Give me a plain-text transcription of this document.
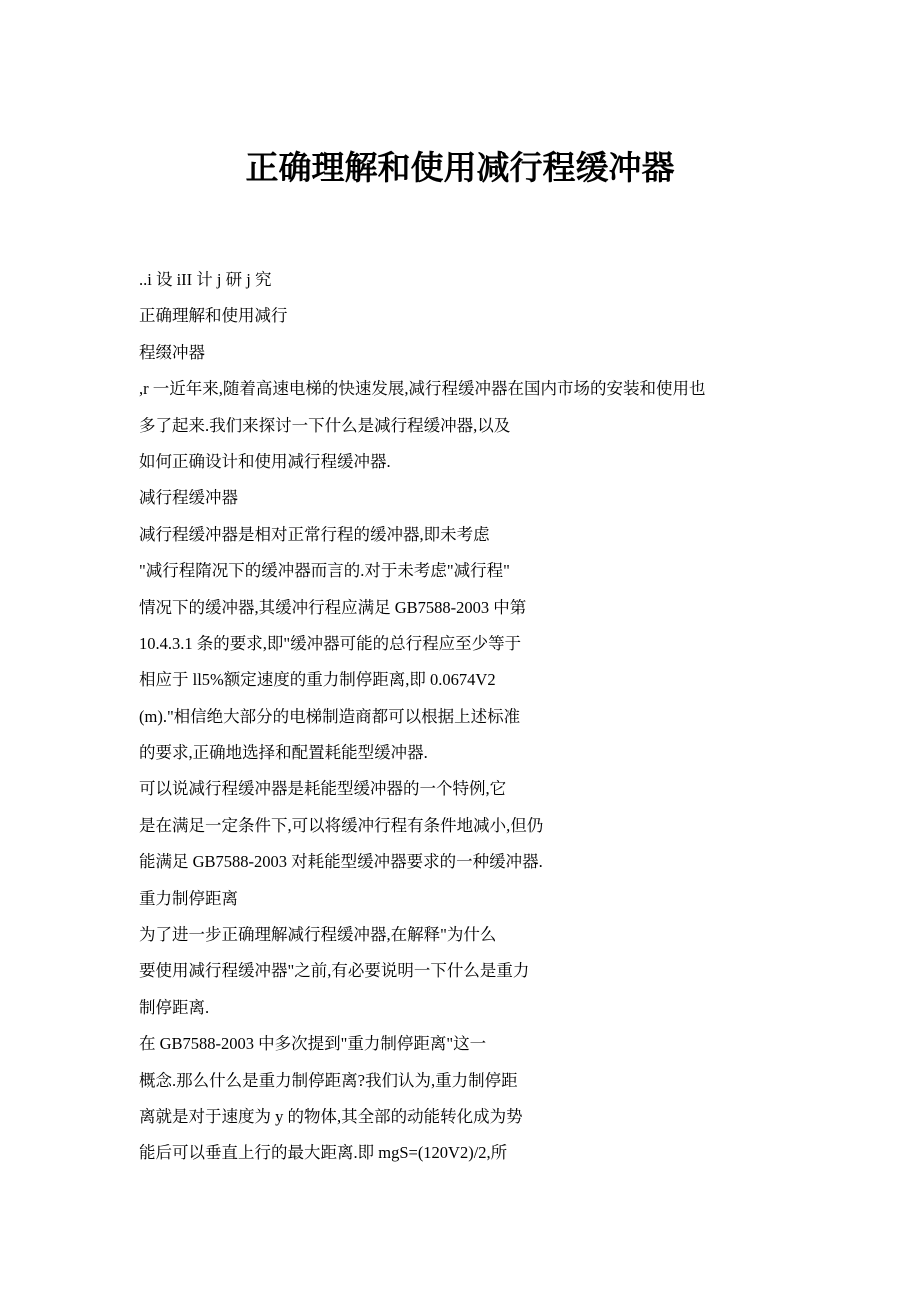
正确理解和使用减行程缓冲器
..i 设 iII 计 j 研 j 究
正确理解和使用减行
程缀冲器
,r 一近年来,随着高速电梯的快速发展,减行程缓冲器在国内市场的安装和使用也
多了起来.我们来探讨一下什么是减行程缓冲器,以及
如何正确设计和使用减行程缓冲器.
减行程缓冲器
减行程缓冲器是相对正常行程的缓冲器,即未考虑
"减行程隋况下的缓冲器而言的.对于未考虑"减行程"
情况下的缓冲器,其缓冲行程应满足 GB7588-2003 中第
10.4.3.1 条的要求,即"缓冲器可能的总行程应至少等于
相应于 ll5%额定速度的重力制停距离,即 0.0674V2
(m)."相信绝大部分的电梯制造商都可以根据上述标准
的要求,正确地选择和配置耗能型缓冲器.
可以说减行程缓冲器是耗能型缓冲器的一个特例,它
是在满足一定条件下,可以将缓冲行程有条件地减小,但仍
能满足 GB7588-2003 对耗能型缓冲器要求的一种缓冲器.
重力制停距离
为了进一步正确理解减行程缓冲器,在解释"为什么
要使用减行程缓冲器"之前,有必要说明一下什么是重力
制停距离.
在 GB7588-2003 中多次提到"重力制停距离"这一
概念.那么什么是重力制停距离?我们认为,重力制停距
离就是对于速度为 y 的物体,其全部的动能转化成为势
能后可以垂直上行的最大距离.即 mgS=(120V2)/2,所
